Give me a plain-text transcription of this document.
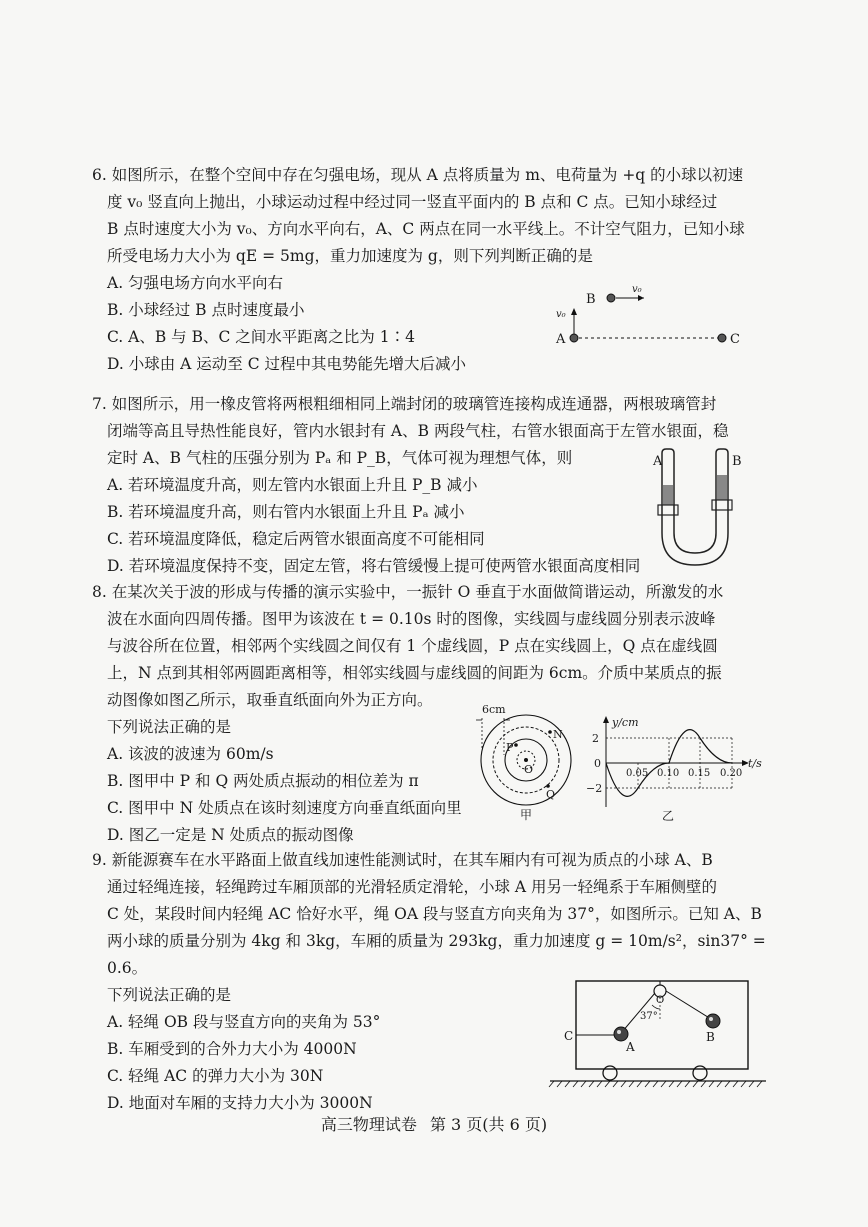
6. 如图所示，在整个空间中存在匀强电场，现从 A 点将质量为 m、电荷量为 +q 的小球以初速

度 v₀ 竖直向上抛出，小球运动过程中经过同一竖直平面内的 B 点和 C 点。已知小球经过

B 点时速度大小为 v₀、方向水平向右，A、C 两点在同一水平线上。不计空气阻力，已知小球

所受电场力大小为 qE = 5mg，重力加速度为 g，则下列判断正确的是

A. 匀强电场方向水平向右

B. 小球经过 B 点时速度最小

C. A、B 与 B、C 之间水平距离之比为 1∶4

D. 小球由 A 运动至 C 过程中其电势能先增大后减小

B
v₀
v₀
A	C

7. 如图所示，用一橡皮管将两根粗细相同上端封闭的玻璃管连接构成连通器，两根玻璃管封

闭端等高且导热性能良好，管内水银封有 A、B 两段气柱，右管水银面高于左管水银面，稳

定时 A、B 气柱的压强分别为 Pₐ 和 P_B，气体可视为理想气体，则

A. 若环境温度升高，则左管内水银面上升且 P_B 减小

B. 若环境温度升高，则右管内水银面上升且 Pₐ 减小

C. 若环境温度降低，稳定后两管水银面高度不可能相同

D. 若环境温度保持不变，固定左管，将右管缓慢上提可使两管水银面高度相同

A	B

8. 在某次关于波的形成与传播的演示实验中，一振针 O 垂直于水面做简谐运动，所激发的水

波在水面向四周传播。图甲为该波在 t = 0.10s 时的图像，实线圆与虚线圆分别表示波峰

与波谷所在位置，相邻两个实线圆之间仅有 1 个虚线圆，P 点在实线圆上，Q 点在虚线圆

上，N 点到其相邻两圆距离相等，相邻实线圆与虚线圆的间距为 6cm。介质中某质点的振

动图像如图乙所示，取垂直纸面向外为正方向。

下列说法正确的是

A. 该波的波速为 60m/s

B. 图甲中 P 和 Q 两处质点振动的相位差为 π

C. 图甲中 N 处质点在该时刻速度方向垂直纸面向里

D. 图乙一定是 N 处质点的振动图像

6cm
O
P
N
Q
甲
y/cm
t/s
2
0
−2
0.05 0.10 0.15 0.20
乙

9. 新能源赛车在水平路面上做直线加速性能测试时，在其车厢内有可视为质点的小球 A、B

通过轻绳连接，轻绳跨过车厢顶部的光滑轻质定滑轮，小球 A 用另一轻绳系于车厢侧壁的

C 处，某段时间内轻绳 AC 恰好水平，绳 OA 段与竖直方向夹角为 37°，如图所示。已知 A、B

两小球的质量分别为 4kg 和 3kg，车厢的质量为 293kg，重力加速度 g = 10m/s²，sin37° = 0.6。

下列说法正确的是

A. 轻绳 OB 段与竖直方向的夹角为 53°

B. 车厢受到的合外力大小为 4000N

C. 轻绳 AC 的弹力大小为 30N

D. 地面对车厢的支持力大小为 3000N

O
37°
A
B
C
高三物理试卷 第 3 页(共 6 页)
